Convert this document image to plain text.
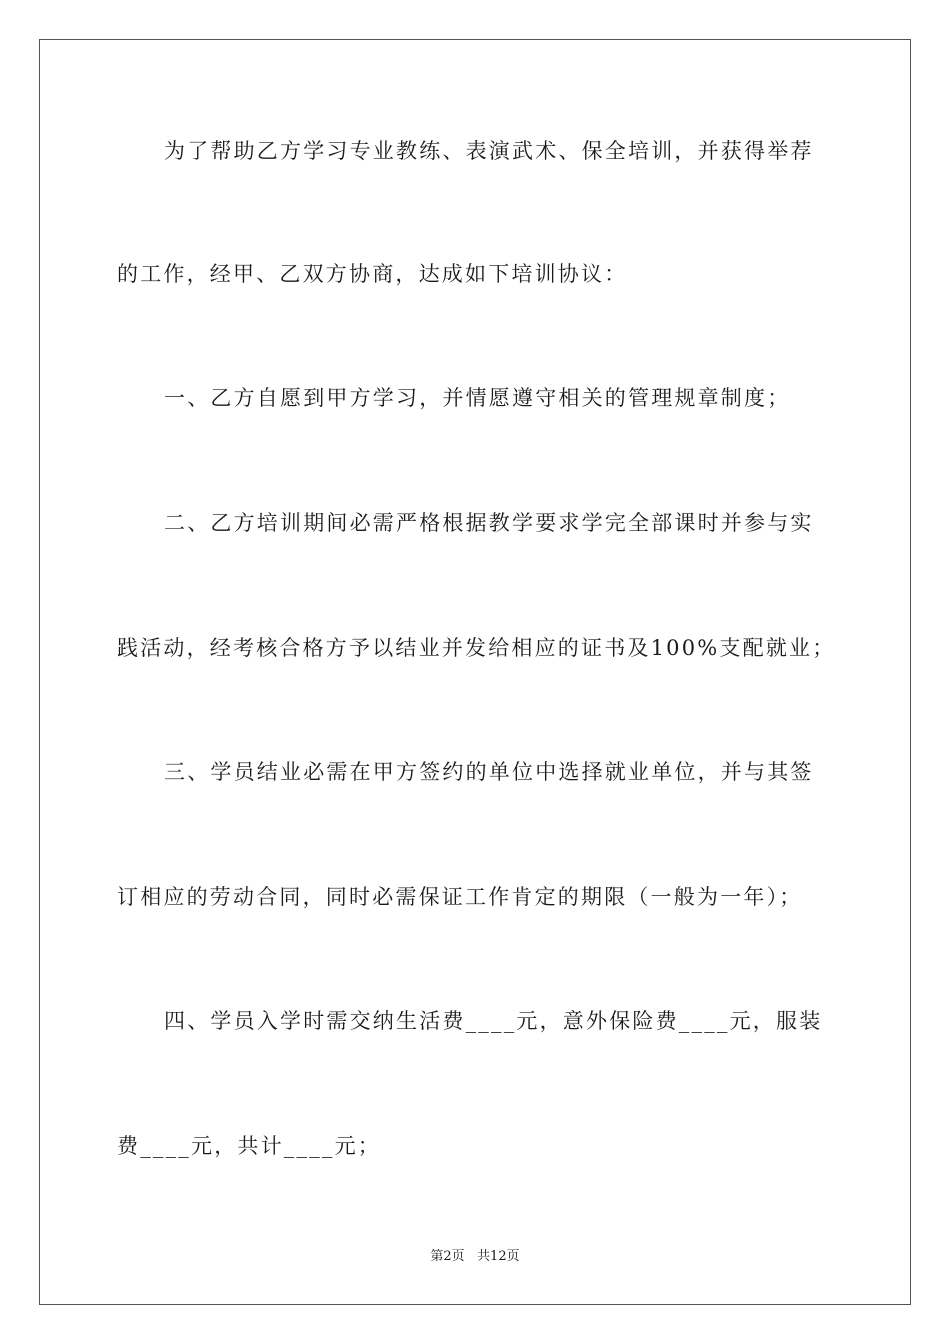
为了帮助乙方学习专业教练、表演武术、保全培训，并获得举荐
的工作，经甲、乙双方协商，达成如下培训协议：
一、乙方自愿到甲方学习，并情愿遵守相关的管理规章制度；
二、乙方培训期间必需严格根据教学要求学完全部课时并参与实
践活动，经考核合格方予以结业并发给相应的证书及100%支配就业；
三、学员结业必需在甲方签约的单位中选择就业单位，并与其签
订相应的劳动合同，同时必需保证工作肯定的期限（一般为一年）；
四、学员入学时需交纳生活费____元，意外保险费____元，服装
费____元，共计____元；
第2页   共12页
